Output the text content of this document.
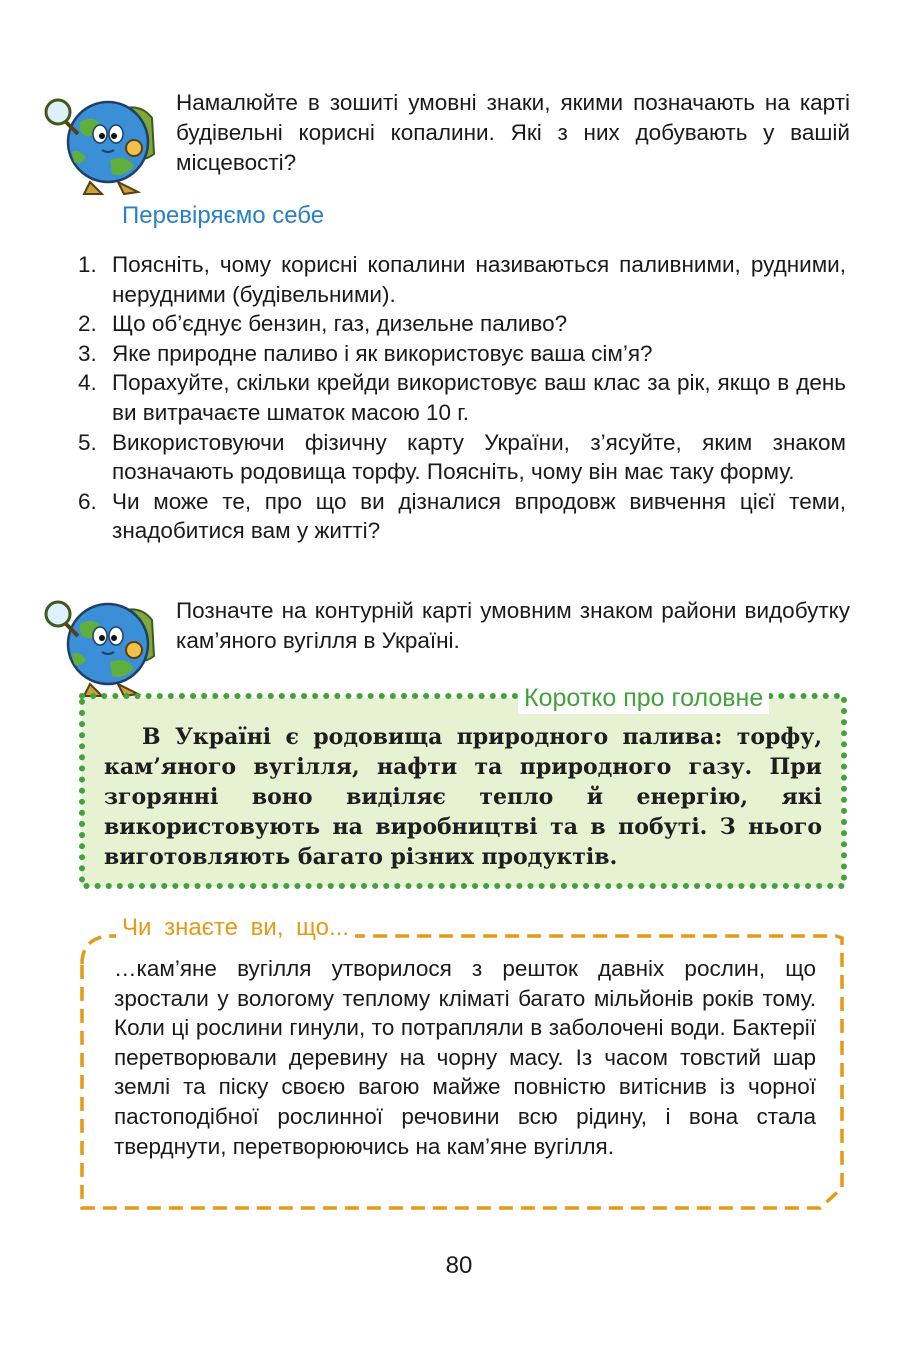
Намалюйте в зошиті умовні знаки, якими позначають на карті будівельні корисні копалини. Які з них добувають у вашій місцевості?
Перевіряємо себе
1. Поясніть, чому корисні копалини називаються паливними, рудними, нерудними (будівельними).
2. Що об’єднує бензин, газ, дизельне паливо?
3. Яке природне паливо і як використовує ваша сім’я?
4. Порахуйте, скільки крейди використовує ваш клас за рік, якщо в день ви витрачаєте шматок масою 10 г.
5. Використовуючи фізичну карту України, з’ясуйте, яким знаком позначають родовища торфу. Поясніть, чому він має таку форму.
6. Чи може те, про що ви дізналися впродовж вивчення цієї теми, знадобитися вам у житті?
Позначте на контурній карті умовним знаком райони видобутку кам’яного вугілля в Україні.
Коротко про головне
В Україні є родовища природного палива: торфу, кам’яного вугілля, нафти та природного газу. При згорянні воно виділяє тепло й енергію, які використовують на виробництві та в побуті. З нього виготовляють багато різних продуктів.
Чи знаєте ви, що...
…кам’яне вугілля утворилося з решток давніх рослин, що зростали у вологому теплому кліматі багато мільйонів років тому. Коли ці рослини гинули, то потрапляли в заболочені води. Бактерії перетворювали деревину на чорну масу. Із часом товстий шар землі та піску своєю вагою майже повністю витіснив із чорної пастоподібної рослинної речовини всю рідину, і вона стала тверднути, перетворюючись на кам’яне вугілля.
80
